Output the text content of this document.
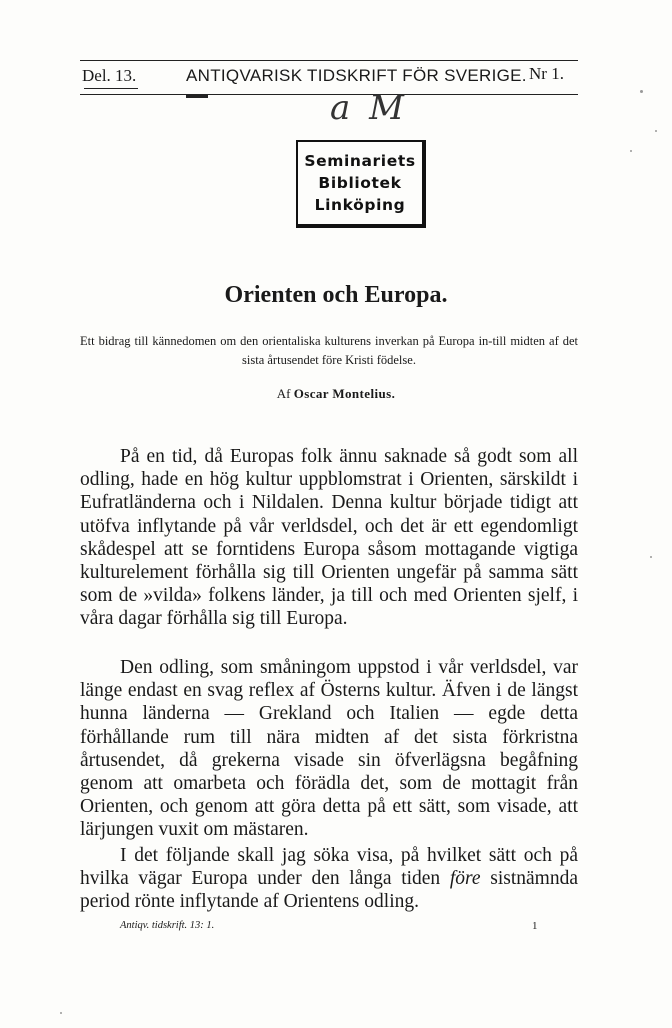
Del. 13.	ANTIQVARISK TIDSKRIFT FÖR SVERIGE. Nr 1.
a M
Seminariets
Bibliotek
Linköping
Orienten och Europa.
Ett bidrag till kännedomen om den orientaliska kulturens inverkan på Europa in-till midten af det sista årtusendet före Kristi födelse.
Af Oscar Montelius.
På en tid, då Europas folk ännu saknade så godt som all odling, hade en hög kultur uppblomstrat i Orienten, särskildt i Eufratländerna och i Nildalen. Denna kultur började tidigt att utöfva inflytande på vår verldsdel, och det är ett egendomligt skådespel att se forntidens Europa såsom mottagande vigtiga kulturelement förhålla sig till Orienten ungefär på samma sätt som de »vilda» folkens länder, ja till och med Orienten sjelf, i våra dagar förhålla sig till Europa.
Den odling, som småningom uppstod i vår verldsdel, var länge endast en svag reflex af Österns kultur. Äfven i de längst hunna länderna — Grekland och Italien — egde detta förhållande rum till nära midten af det sista förkristna årtusendet, då grekerna visade sin öfverlägsna begåfning genom att omarbeta och förädla det, som de mottagit från Orienten, och genom att göra detta på ett sätt, som visade, att lärjungen vuxit om mästaren.
I det följande skall jag söka visa, på hvilket sätt och på hvilka vägar Europa under den långa tiden före sistnämnda period rönte inflytande af Orientens odling.
Antiqv. tidskrift. 13: 1.	1
